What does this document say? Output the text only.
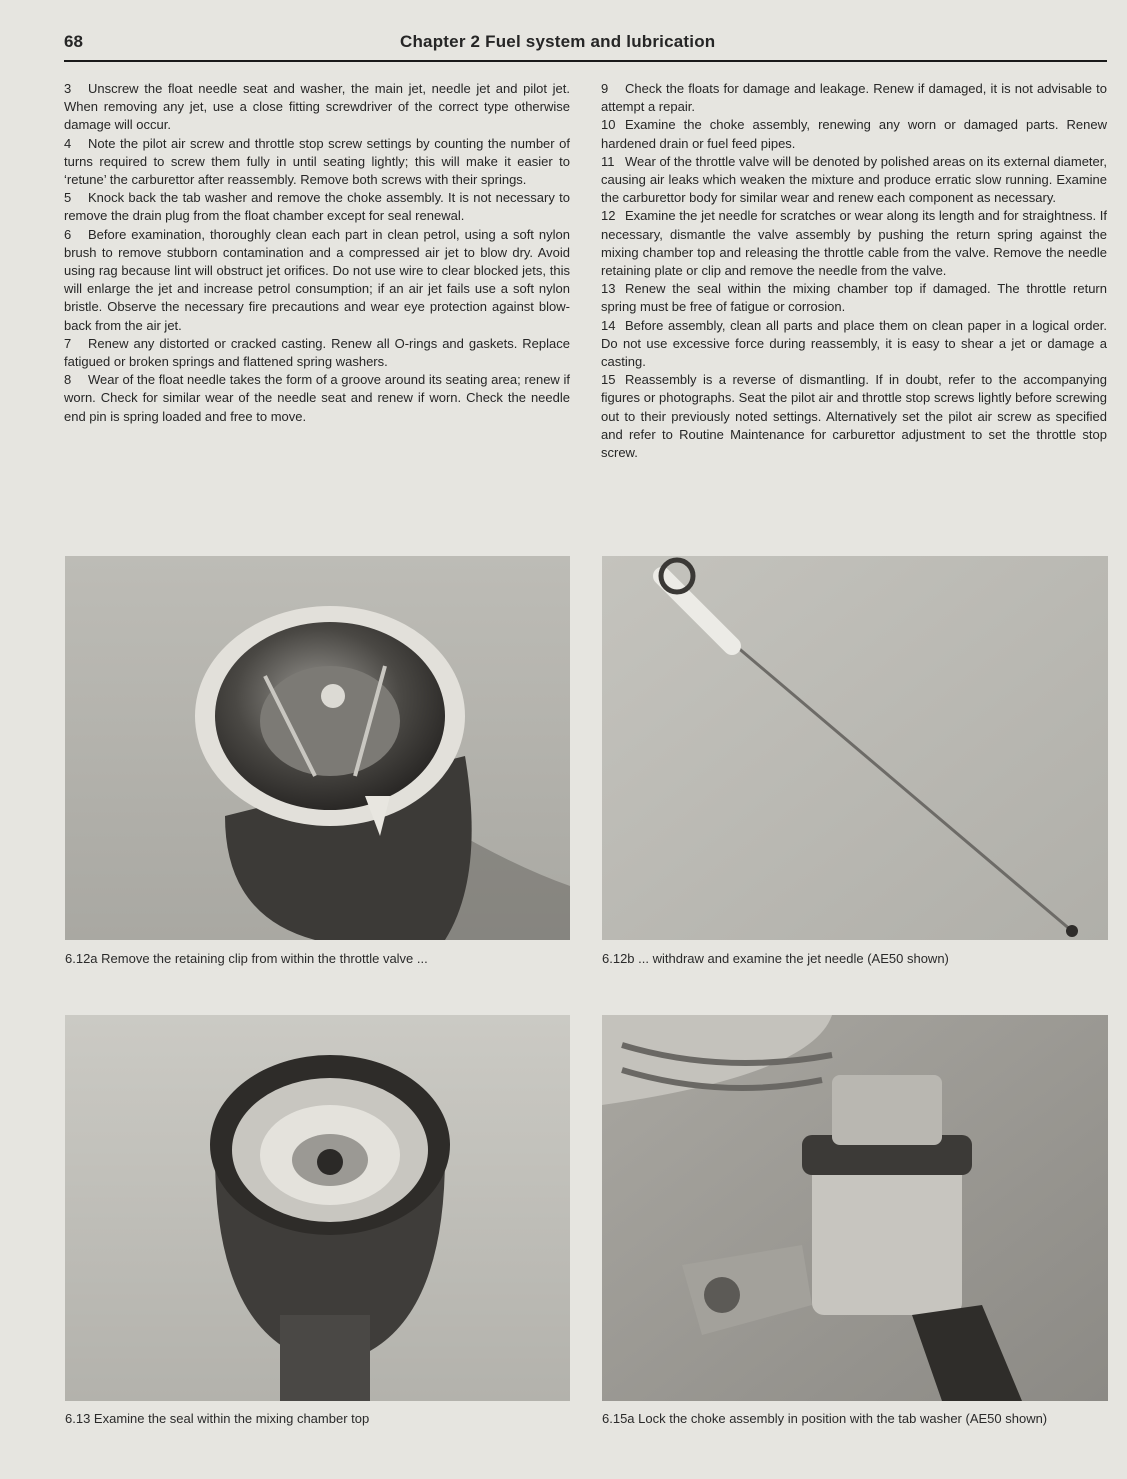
68	Chapter 2 Fuel system and lubrication

3 Unscrew the float needle seat and washer, the main jet, needle jet and pilot jet. When removing any jet, use a close fitting screwdriver of the correct type otherwise damage will occur.

4 Note the pilot air screw and throttle stop screw settings by counting the number of turns required to screw them fully in until seating lightly; this will make it easier to ‘retune’ the carburettor after reassembly. Remove both screws with their springs.

5 Knock back the tab washer and remove the choke assembly. It is not necessary to remove the drain plug from the float chamber except for seal renewal.

6 Before examination, thoroughly clean each part in clean petrol, using a soft nylon brush to remove stubborn contamination and a compressed air jet to blow dry. Avoid using rag because lint will obstruct jet orifices. Do not use wire to clear blocked jets, this will enlarge the jet and increase petrol consumption; if an air jet fails use a soft nylon bristle. Observe the necessary fire precautions and wear eye protection against blow-back from the air jet.

7 Renew any distorted or cracked casting. Renew all O-rings and gaskets. Replace fatigued or broken springs and flattened spring washers.

8 Wear of the float needle takes the form of a groove around its seating area; renew if worn. Check for similar wear of the needle seat and renew if worn. Check the needle end pin is spring loaded and free to move.

9 Check the floats for damage and leakage. Renew if damaged, it is not advisable to attempt a repair.

10 Examine the choke assembly, renewing any worn or damaged parts. Renew hardened drain or fuel feed pipes.

11 Wear of the throttle valve will be denoted by polished areas on its external diameter, causing air leaks which weaken the mixture and produce erratic slow running. Examine the carburettor body for similar wear and renew each component as necessary.

12 Examine the jet needle for scratches or wear along its length and for straightness. If necessary, dismantle the valve assembly by pushing the return spring against the mixing chamber top and releasing the throttle cable from the valve. Remove the needle retaining plate or clip and remove the needle from the valve.

13 Renew the seal within the mixing chamber top if damaged. The throttle return spring must be free of fatigue or corrosion.

14 Before assembly, clean all parts and place them on clean paper in a logical order. Do not use excessive force during reassembly, it is easy to shear a jet or damage a casting.

15 Reassembly is a reverse of dismantling. If in doubt, refer to the accompanying figures or photographs. Seat the pilot air and throttle stop screws lightly before screwing out to their previously noted settings. Alternatively set the pilot air screw as specified and refer to Routine Maintenance for carburettor adjustment to set the throttle stop screw.

6.12a Remove the retaining clip from within the throttle valve ...	6.12b ... withdraw and examine the jet needle (AE50 shown)
6.13 Examine the seal within the mixing chamber top	6.15a Lock the choke assembly in position with the tab washer (AE50 shown)
